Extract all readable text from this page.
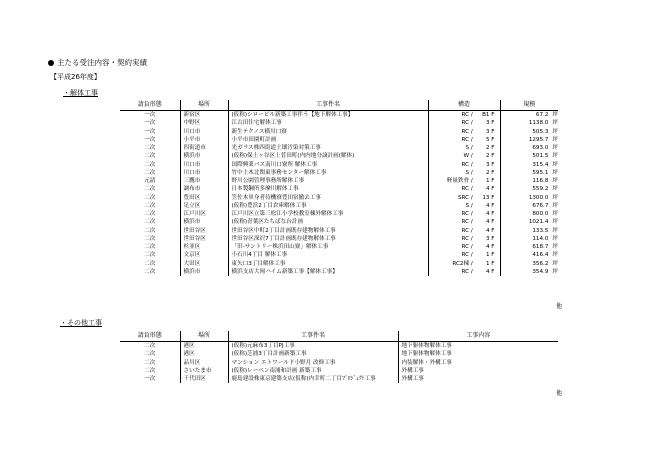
主たる受注内容・契約実績
【平成26年度】
・解体工事
請負形態	場所	工事件名	構造	規模
一次	新宿区	(仮称)シローピル新築工事伴う【地下解体工事】	RC / B1 F	67.2 坪
一次	中野区	江古田住宅解体工事	RC / 3 F	1138.0 坪
一次	川口市	新生テクノス横川口寮	RC / 3 F	505.3 坪
一次	小平市	小平市田園町計画	RC / 5 F	1295.7 坪
二次	四街道市	光ガラス株四街道土壌汚染対策工事	S / 2 F	693.0 坪
二次	横浜市	(仮称)保土ヶ谷区上菅田町(内内地分譲計画(解体)	W / 2 F	501.5 坪
二次	川口市	国際興業バス南川口寮所 解体工事	RC / 3 F	315.4 坪
二次	川口市	竹中土木北関東事務センター解体工事	S / 2 F	595.1 坪
元請	三鷹市	野川公園管理事務所解体工事	軽量鉄骨 / 1 F	116.8 坪
二次	調布市	日本製鋼所多摩川解体工事	RC / 4 F	559.2 坪
二次	豊田区	笠佐木単身者待機寮豊田宿撤去工事	SRC / 13 F	1300.0 坪
二次	足立区	(仮称)豊浜2丁目倉庫解体工事	S / 4 F	676.7 坪
二次	江戸川区	江戸川区立第三松江小学校教室棟外解体工事	RC / 4 F	800.0 坪
二次	横浜市	(仮称)青葉区たちばな台計画	RC / 4 F	1021.4 坪
二次	世田谷区	世田谷区中町2丁目計画既存建物解体工事	RC / 4 F	133.5 坪
二次	世田谷区	世田谷区深沢7丁目計画既存建物解体工事	RC / 3 F	114.0 坪
二次	杉並区	「旧-サントリー株浜田山寮」解体工事	RC / 4 F	618.7 坪
二次	文京区	小石川4丁目 解体工事	RC / 1 F	416.4 坪
二次	大田区	東矢口3丁目解体工事	RC2棟 / 1 F	356.2 坪
二次	横浜市	横浜支店大岡ハイム新築工事【解体工事】	RC / 4 F	354.9 坪
他
・その他工事
請負形態	場所	工事件名	工事内容
二次	港区	(仮称)元麻布3丁目PJ工事	地下躯体物解体工事
二次	港区	(仮称)芝浦3丁目計画新築工事	地下躯体物解体工事
二次	品川区	マンション エトワールド小野月 改修工事	内装解体・外構工事
二次	さいたま市	(仮称)レーベン南浦和計画 新築工事	外構工事
一次	千代田区	鹿島建設株東京建築支店(仮称)内幸町二丁目ﾌﾟﾛｼﾞｪｸﾄ工事	外構工事
他
